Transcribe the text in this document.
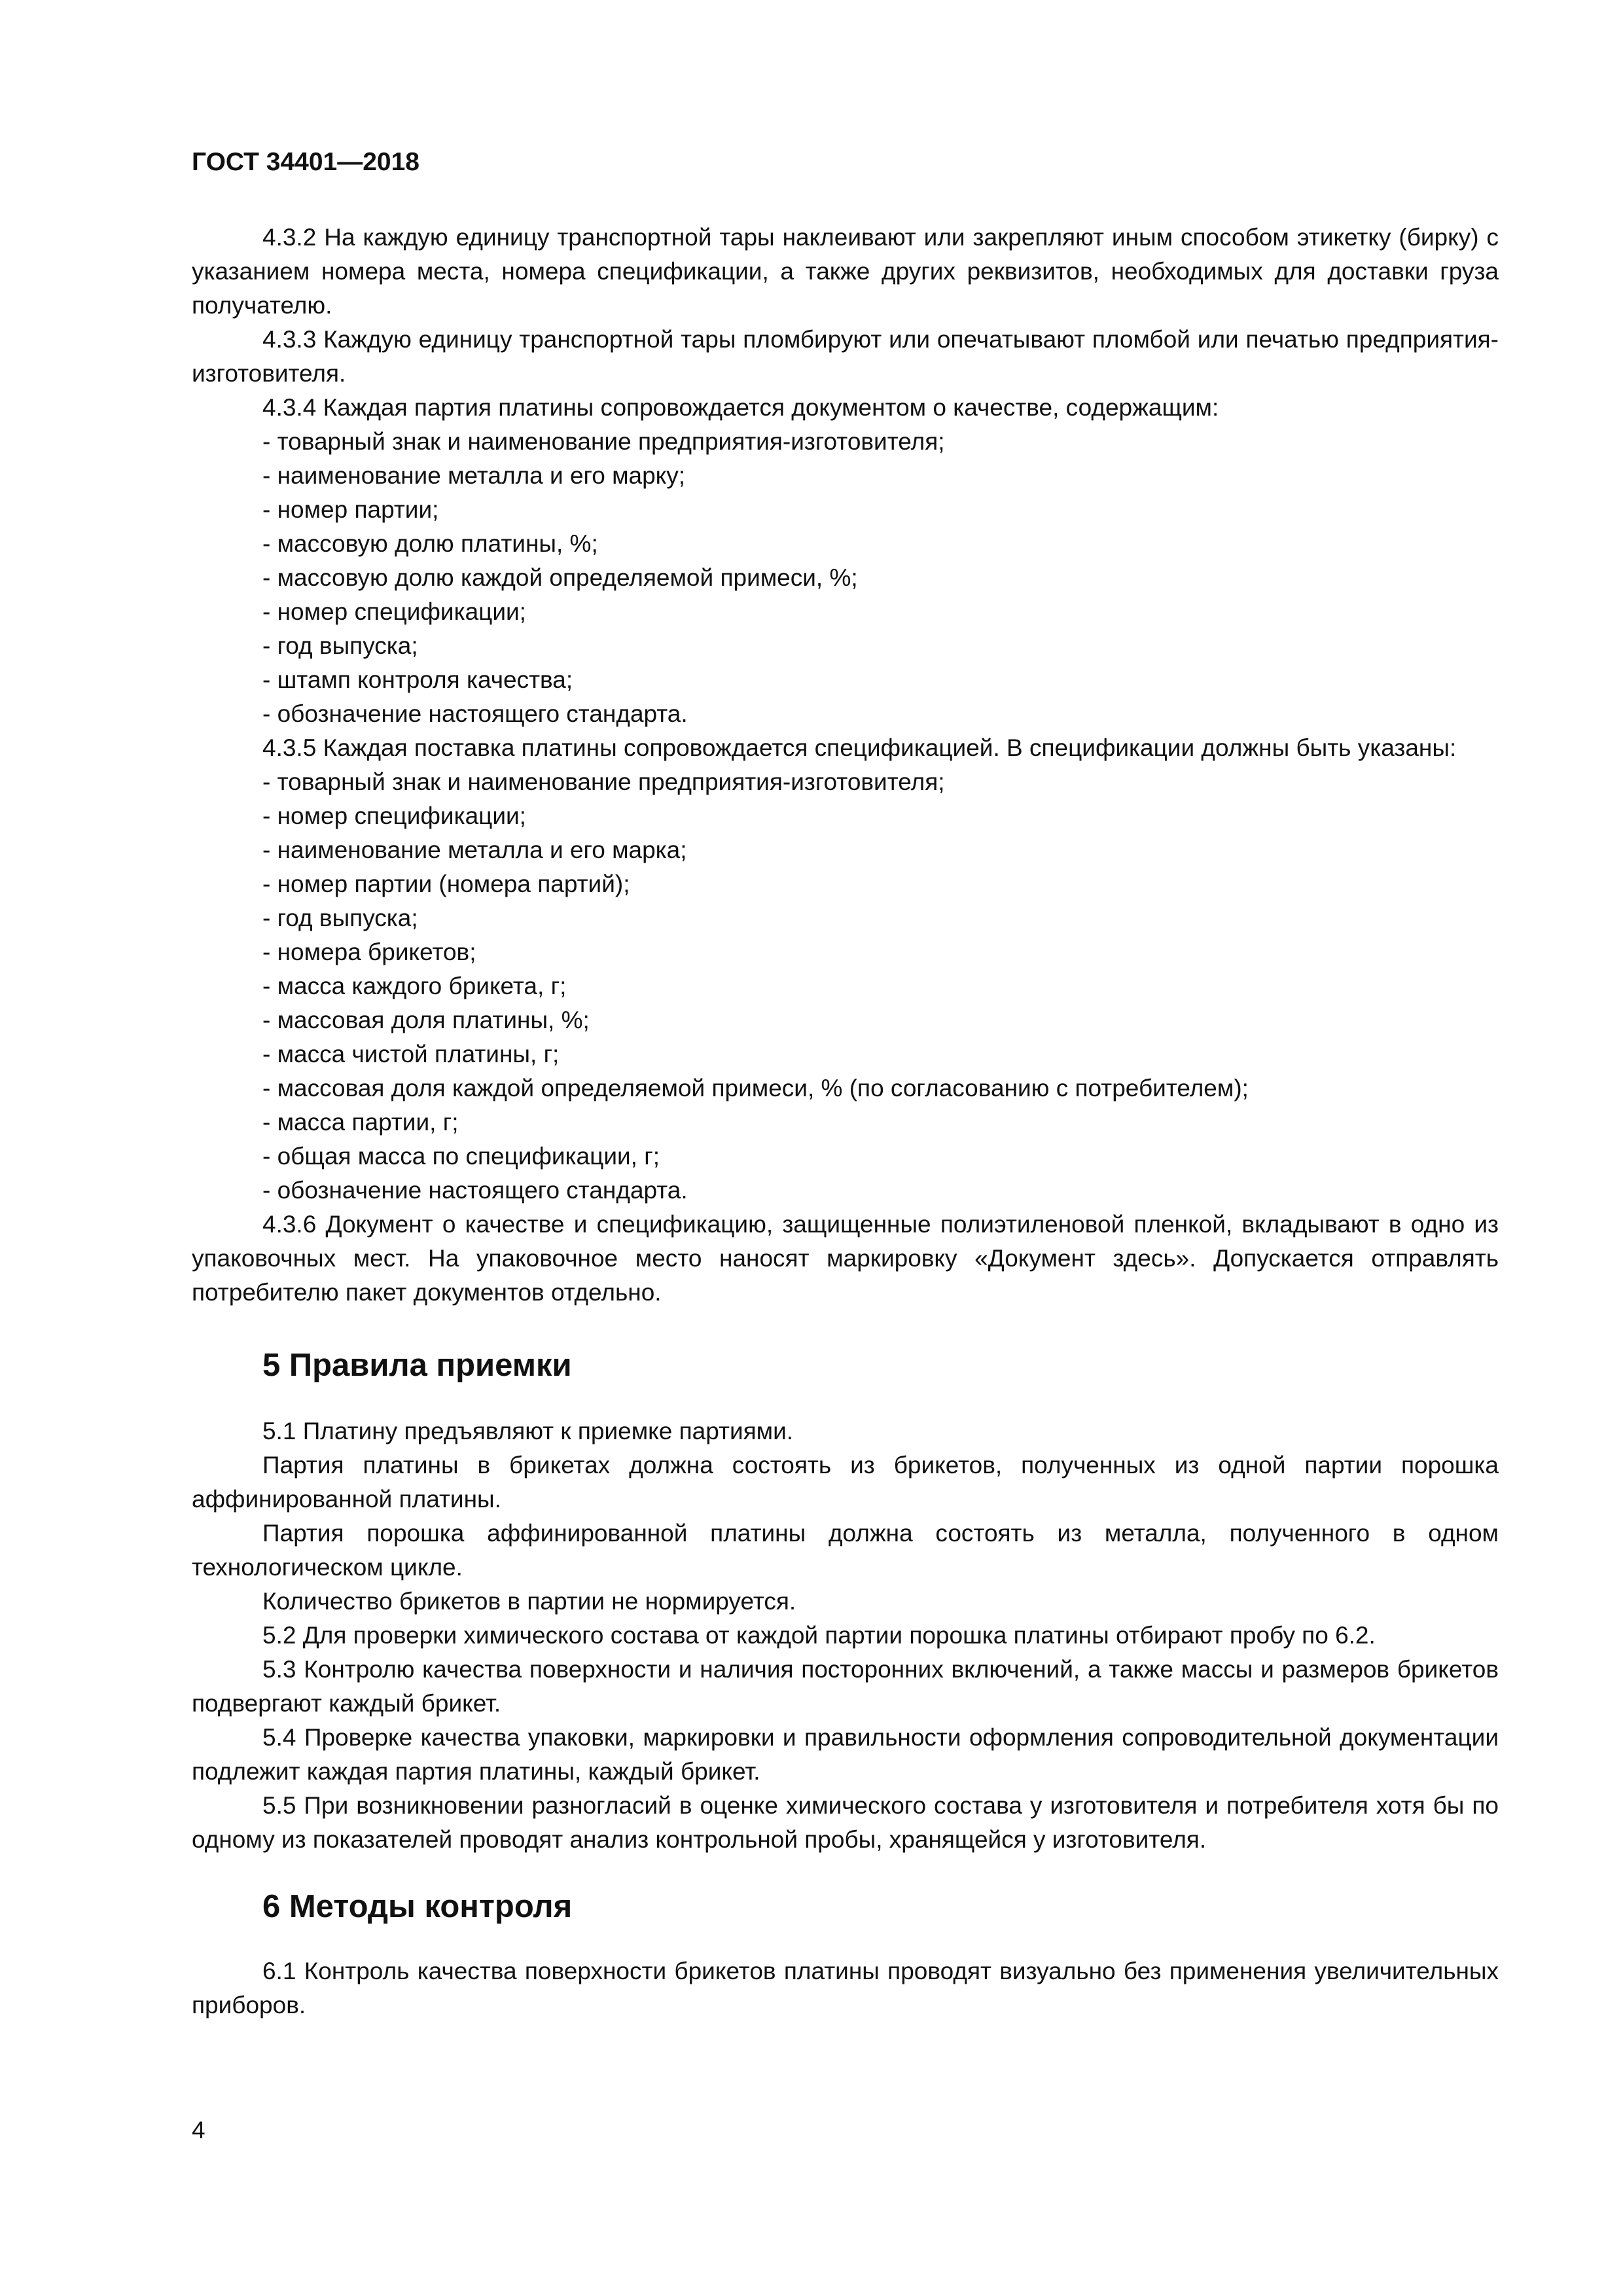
ГОСТ 34401—2018

4.3.2 На каждую единицу транспортной тары наклеивают или закрепляют иным способом этикетку (бирку) с указанием номера места, номера спецификации, а также других реквизитов, необходимых для доставки груза получателю.

4.3.3 Каждую единицу транспортной тары пломбируют или опечатывают пломбой или печатью предприятия-изготовителя.

4.3.4 Каждая партия платины сопровождается документом о качестве, содержащим:

- товарный знак и наименование предприятия-изготовителя;

- наименование металла и его марку;

- номер партии;

- массовую долю платины, %;

- массовую долю каждой определяемой примеси, %;

- номер спецификации;

- год выпуска;

- штамп контроля качества;

- обозначение настоящего стандарта.

4.3.5 Каждая поставка платины сопровождается спецификацией. В спецификации должны быть указаны:

- товарный знак и наименование предприятия-изготовителя;

- номер спецификации;

- наименование металла и его марка;

- номер партии (номера партий);

- год выпуска;

- номера брикетов;

- масса каждого брикета, г;

- массовая доля платины, %;

- масса чистой платины, г;

- массовая доля каждой определяемой примеси, % (по согласованию с потребителем);

- масса партии, г;

- общая масса по спецификации, г;

- обозначение настоящего стандарта.

4.3.6 Документ о качестве и спецификацию, защищенные полиэтиленовой пленкой, вкладывают в одно из упаковочных мест. На упаковочное место наносят маркировку «Документ здесь». Допускается отправлять потребителю пакет документов отдельно.

5 Правила приемки

5.1 Платину предъявляют к приемке партиями.

Партия платины в брикетах должна состоять из брикетов, полученных из одной партии порошка аффинированной платины.

Партия порошка аффинированной платины должна состоять из металла, полученного в одном технологическом цикле.

Количество брикетов в партии не нормируется.

5.2 Для проверки химического состава от каждой партии порошка платины отбирают пробу по 6.2.

5.3 Контролю качества поверхности и наличия посторонних включений, а также массы и размеров брикетов подвергают каждый брикет.

5.4 Проверке качества упаковки, маркировки и правильности оформления сопроводительной документации подлежит каждая партия платины, каждый брикет.

5.5 При возникновении разногласий в оценке химического состава у изготовителя и потребителя хотя бы по одному из показателей проводят анализ контрольной пробы, хранящейся у изготовителя.

6 Методы контроля

6.1 Контроль качества поверхности брикетов платины проводят визуально без применения увеличительных приборов.

4
